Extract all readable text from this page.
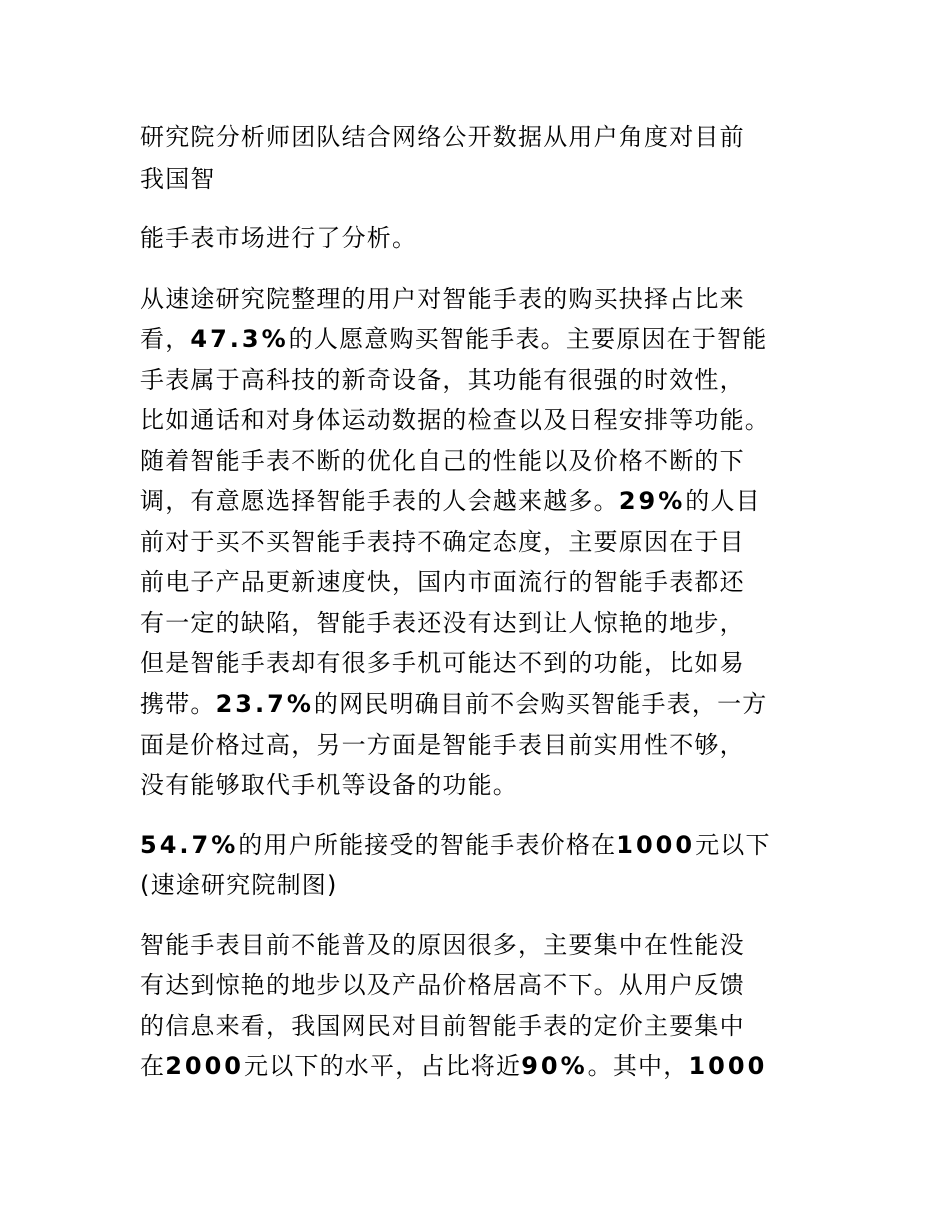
研究院分析师团队结合网络公开数据从用户角度对目前
我国智
能手表市场进行了分析。
从速途研究院整理的用户对智能手表的购买抉择占比来
看，47.3%的人愿意购买智能手表。主要原因在于智能
手表属于高科技的新奇设备，其功能有很强的时效性，
比如通话和对身体运动数据的检查以及日程安排等功能。
随着智能手表不断的优化自己的性能以及价格不断的下
调，有意愿选择智能手表的人会越来越多。29%的人目
前对于买不买智能手表持不确定态度，主要原因在于目
前电子产品更新速度快，国内市面流行的智能手表都还
有一定的缺陷，智能手表还没有达到让人惊艳的地步，
但是智能手表却有很多手机可能达不到的功能，比如易
携带。23.7%的网民明确目前不会购买智能手表，一方
面是价格过高，另一方面是智能手表目前实用性不够，
没有能够取代手机等设备的功能。
54.7%的用户所能接受的智能手表价格在1000元以下
(速途研究院制图)
智能手表目前不能普及的原因很多，主要集中在性能没
有达到惊艳的地步以及产品价格居高不下。从用户反馈
的信息来看，我国网民对目前智能手表的定价主要集中
在2000元以下的水平，占比将近90%。其中，1000
